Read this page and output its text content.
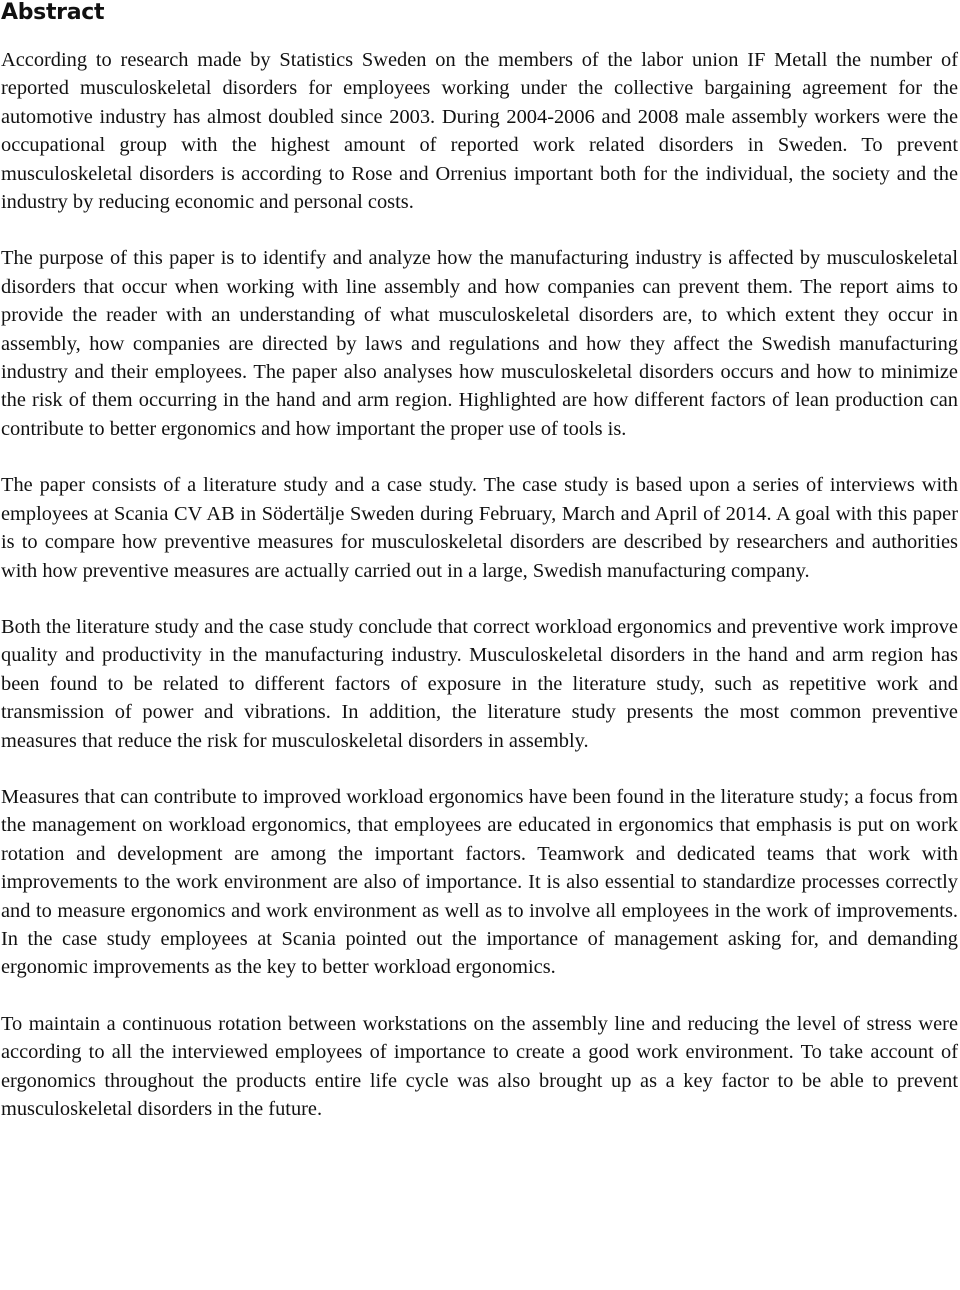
Abstract

According to research made by Statistics Sweden on the members of the labor union IF Metall the number of reported musculoskeletal disorders for employees working under the collective bargaining agreement for the automotive industry has almost doubled since 2003. During 2004-2006 and 2008 male assembly workers were the occupational group with the highest amount of reported work related disorders in Sweden. To prevent musculoskeletal disorders is according to Rose and Orrenius important both for the individual, the society and the industry by reducing economic and personal costs.

The purpose of this paper is to identify and analyze how the manufacturing industry is affected by musculoskeletal disorders that occur when working with line assembly and how companies can prevent them. The report aims to provide the reader with an understanding of what musculoskeletal disorders are, to which extent they occur in assembly, how companies are directed by laws and regulations and how they affect the Swedish manufacturing industry and their employees. The paper also analyses how musculoskeletal disorders occurs and how to minimize the risk of them occurring in the hand and arm region. Highlighted are how different factors of lean production can contribute to better ergonomics and how important the proper use of tools is.

The paper consists of a literature study and a case study. The case study is based upon a series of interviews with employees at Scania CV AB in Södertälje Sweden during February, March and April of 2014. A goal with this paper is to compare how preventive measures for musculoskeletal disorders are described by researchers and authorities with how preventive measures are actually carried out in a large, Swedish manufacturing company.

Both the literature study and the case study conclude that correct workload ergonomics and preventive work improve quality and productivity in the manufacturing industry. Musculoskeletal disorders in the hand and arm region has been found to be related to different factors of exposure in the literature study, such as repetitive work and transmission of power and vibrations. In addition, the literature study presents the most common preventive measures that reduce the risk for musculoskeletal disorders in assembly.

Measures that can contribute to improved workload ergonomics have been found in the literature study; a focus from the management on workload ergonomics, that employees are educated in ergonomics that emphasis is put on work rotation and development are among the important factors. Teamwork and dedicated teams that work with improvements to the work environment are also of importance. It is also essential to standardize processes correctly and to measure ergonomics and work environment as well as to involve all employees in the work of improvements. In the case study employees at Scania pointed out the importance of management asking for, and demanding ergonomic improvements as the key to better workload ergonomics.

To maintain a continuous rotation between workstations on the assembly line and reducing the level of stress were according to all the interviewed employees of importance to create a good work environment. To take account of ergonomics throughout the products entire life cycle was also brought up as a key factor to be able to prevent musculoskeletal disorders in the future.
